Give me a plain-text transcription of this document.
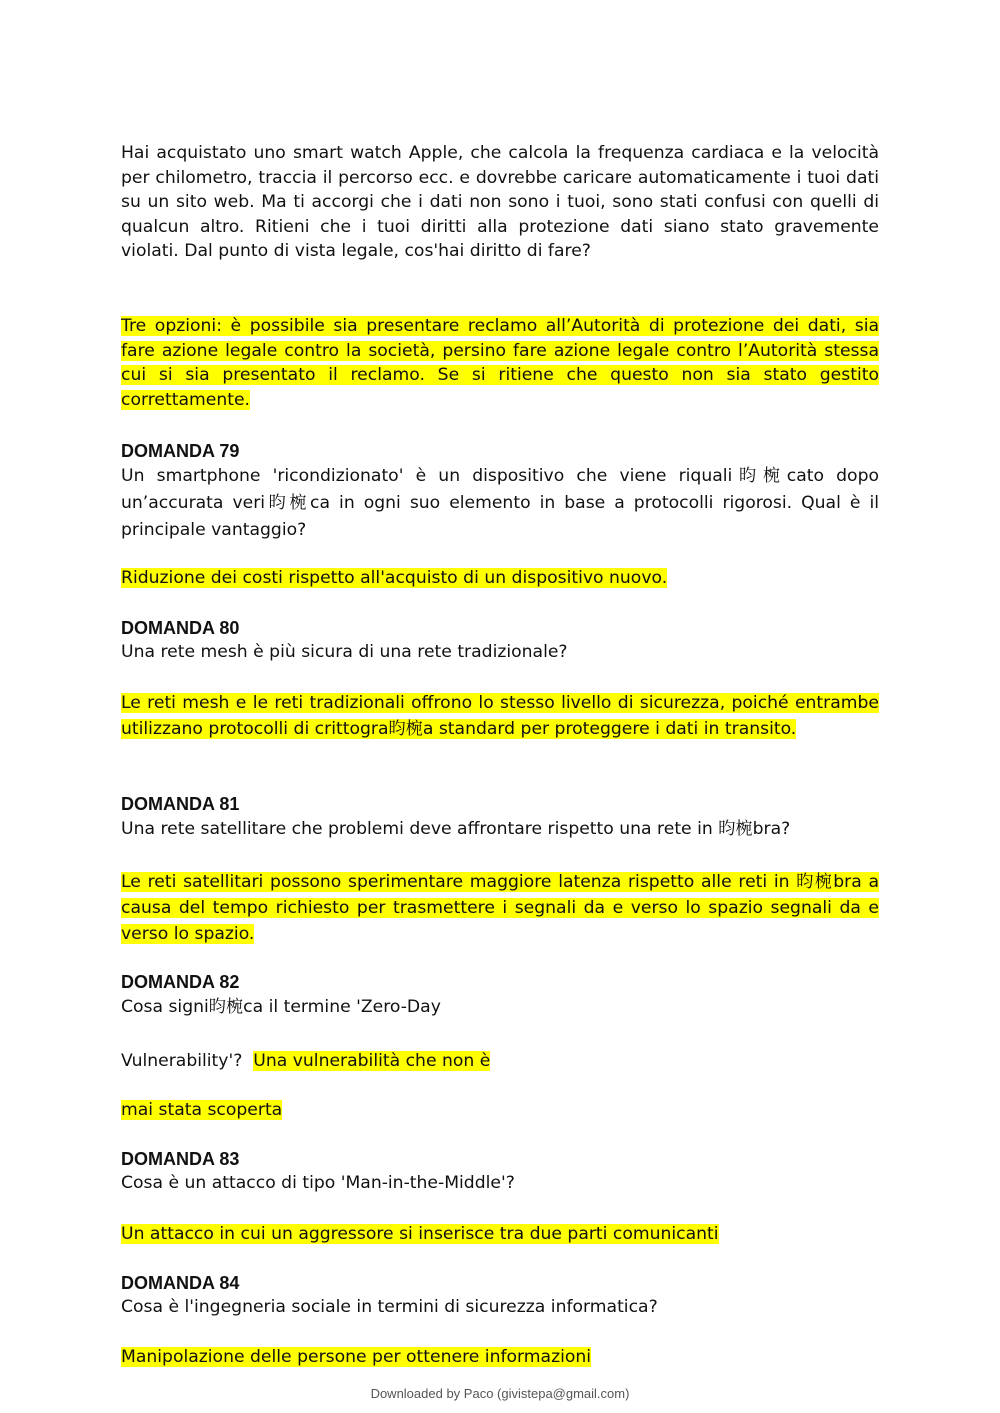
Hai acquistato uno smart watch Apple, che calcola la frequenza cardiaca e la velocità per chilometro, traccia il percorso ecc. e dovrebbe caricare automaticamente i tuoi dati su un sito web. Ma ti accorgi che i dati non sono i tuoi, sono stati confusi con quelli di qualcun altro. Ritieni che i tuoi diritti alla protezione dati siano stato gravemente violati. Dal punto di vista legale, cos'hai diritto di fare?

Tre opzioni: è possibile sia presentare reclamo all’Autorità di protezione dei dati, sia fare azione legale contro la società, persino fare azione legale contro l’Autorità stessa cui si sia presentato il reclamo. Se si ritiene che questo non sia stato gestito correttamente.

DOMANDA 79

Un smartphone 'ricondizionato' è un dispositivo che viene riquali昀椀cato dopo un’accurata veri昀椀ca in ogni suo elemento in base a protocolli rigorosi. Qual è il principale vantaggio?

Riduzione dei costi rispetto all'acquisto di un dispositivo nuovo.

DOMANDA 80

Una rete mesh è più sicura di una rete tradizionale?

Le reti mesh e le reti tradizionali offrono lo stesso livello di sicurezza, poiché entrambe utilizzano protocolli di crittogra昀椀a standard per proteggere i dati in transito.

DOMANDA 81

Una rete satellitare che problemi deve affrontare rispetto una rete in 昀椀bra?

Le reti satellitari possono sperimentare maggiore latenza rispetto alle reti in 昀椀bra a causa del tempo richiesto per trasmettere i segnali da e verso lo spazio segnali da e verso lo spazio.

DOMANDA 82

Cosa signi昀椀ca il termine 'Zero-Day

Vulnerability'? Una vulnerabilità che non è

mai stata scoperta

DOMANDA 83

Cosa è un attacco di tipo 'Man-in-the-Middle'?

Un attacco in cui un aggressore si inserisce tra due parti comunicanti

DOMANDA 84

Cosa è l'ingegneria sociale in termini di sicurezza informatica?

Manipolazione delle persone per ottenere informazioni

Downloaded by Paco (givistepa@gmail.com)
